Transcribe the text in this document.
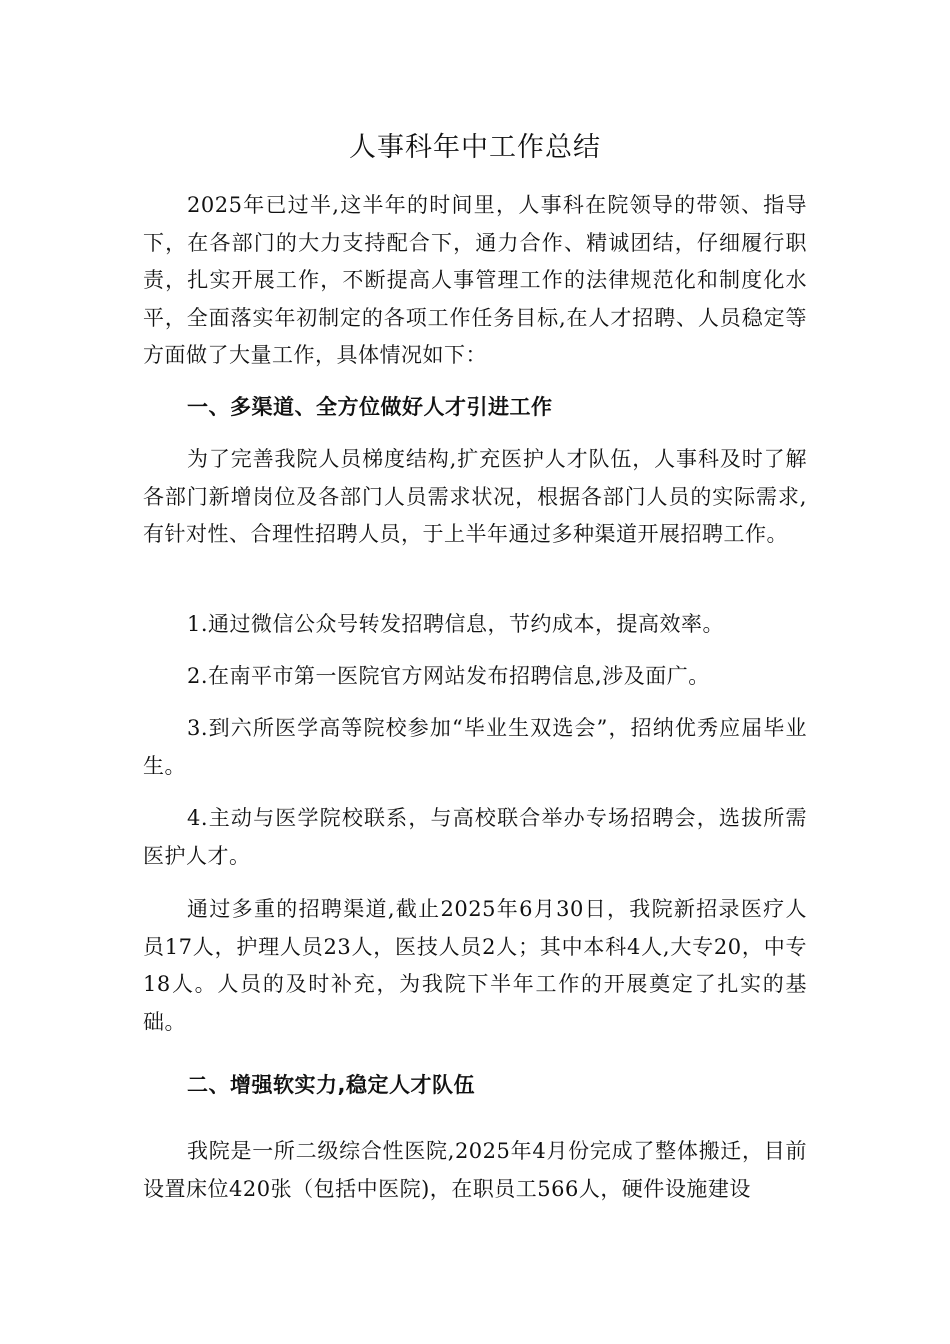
人事科年中工作总结

2025年已过半,这半年的时间里，人事科在院领导的带领、指导下，在各部门的大力支持配合下，通力合作、精诚团结，仔细履行职责，扎实开展工作，不断提高人事管理工作的法律规范化和制度化水平，全面落实年初制定的各项工作任务目标,在人才招聘、人员稳定等方面做了大量工作，具体情况如下：

一、多渠道、全方位做好人才引进工作

为了完善我院人员梯度结构,扩充医护人才队伍，人事科及时了解各部门新增岗位及各部门人员需求状况，根据各部门人员的实际需求,有针对性、合理性招聘人员，于上半年通过多种渠道开展招聘工作。

1.通过微信公众号转发招聘信息，节约成本，提高效率。

2.在南平市第一医院官方网站发布招聘信息,涉及面广。

3.到六所医学高等院校参加“毕业生双选会”，招纳优秀应届毕业生。

4.主动与医学院校联系，与高校联合举办专场招聘会，选拔所需医护人才。

通过多重的招聘渠道,截止2025年6月30日，我院新招录医疗人员17人，护理人员23人，医技人员2人；其中本科4人,大专20，中专18人。人员的及时补充，为我院下半年工作的开展奠定了扎实的基础。

二、增强软实力,稳定人才队伍

我院是一所二级综合性医院,2025年4月份完成了整体搬迁，目前设置床位420张（包括中医院)，在职员工566人，硬件设施建设
